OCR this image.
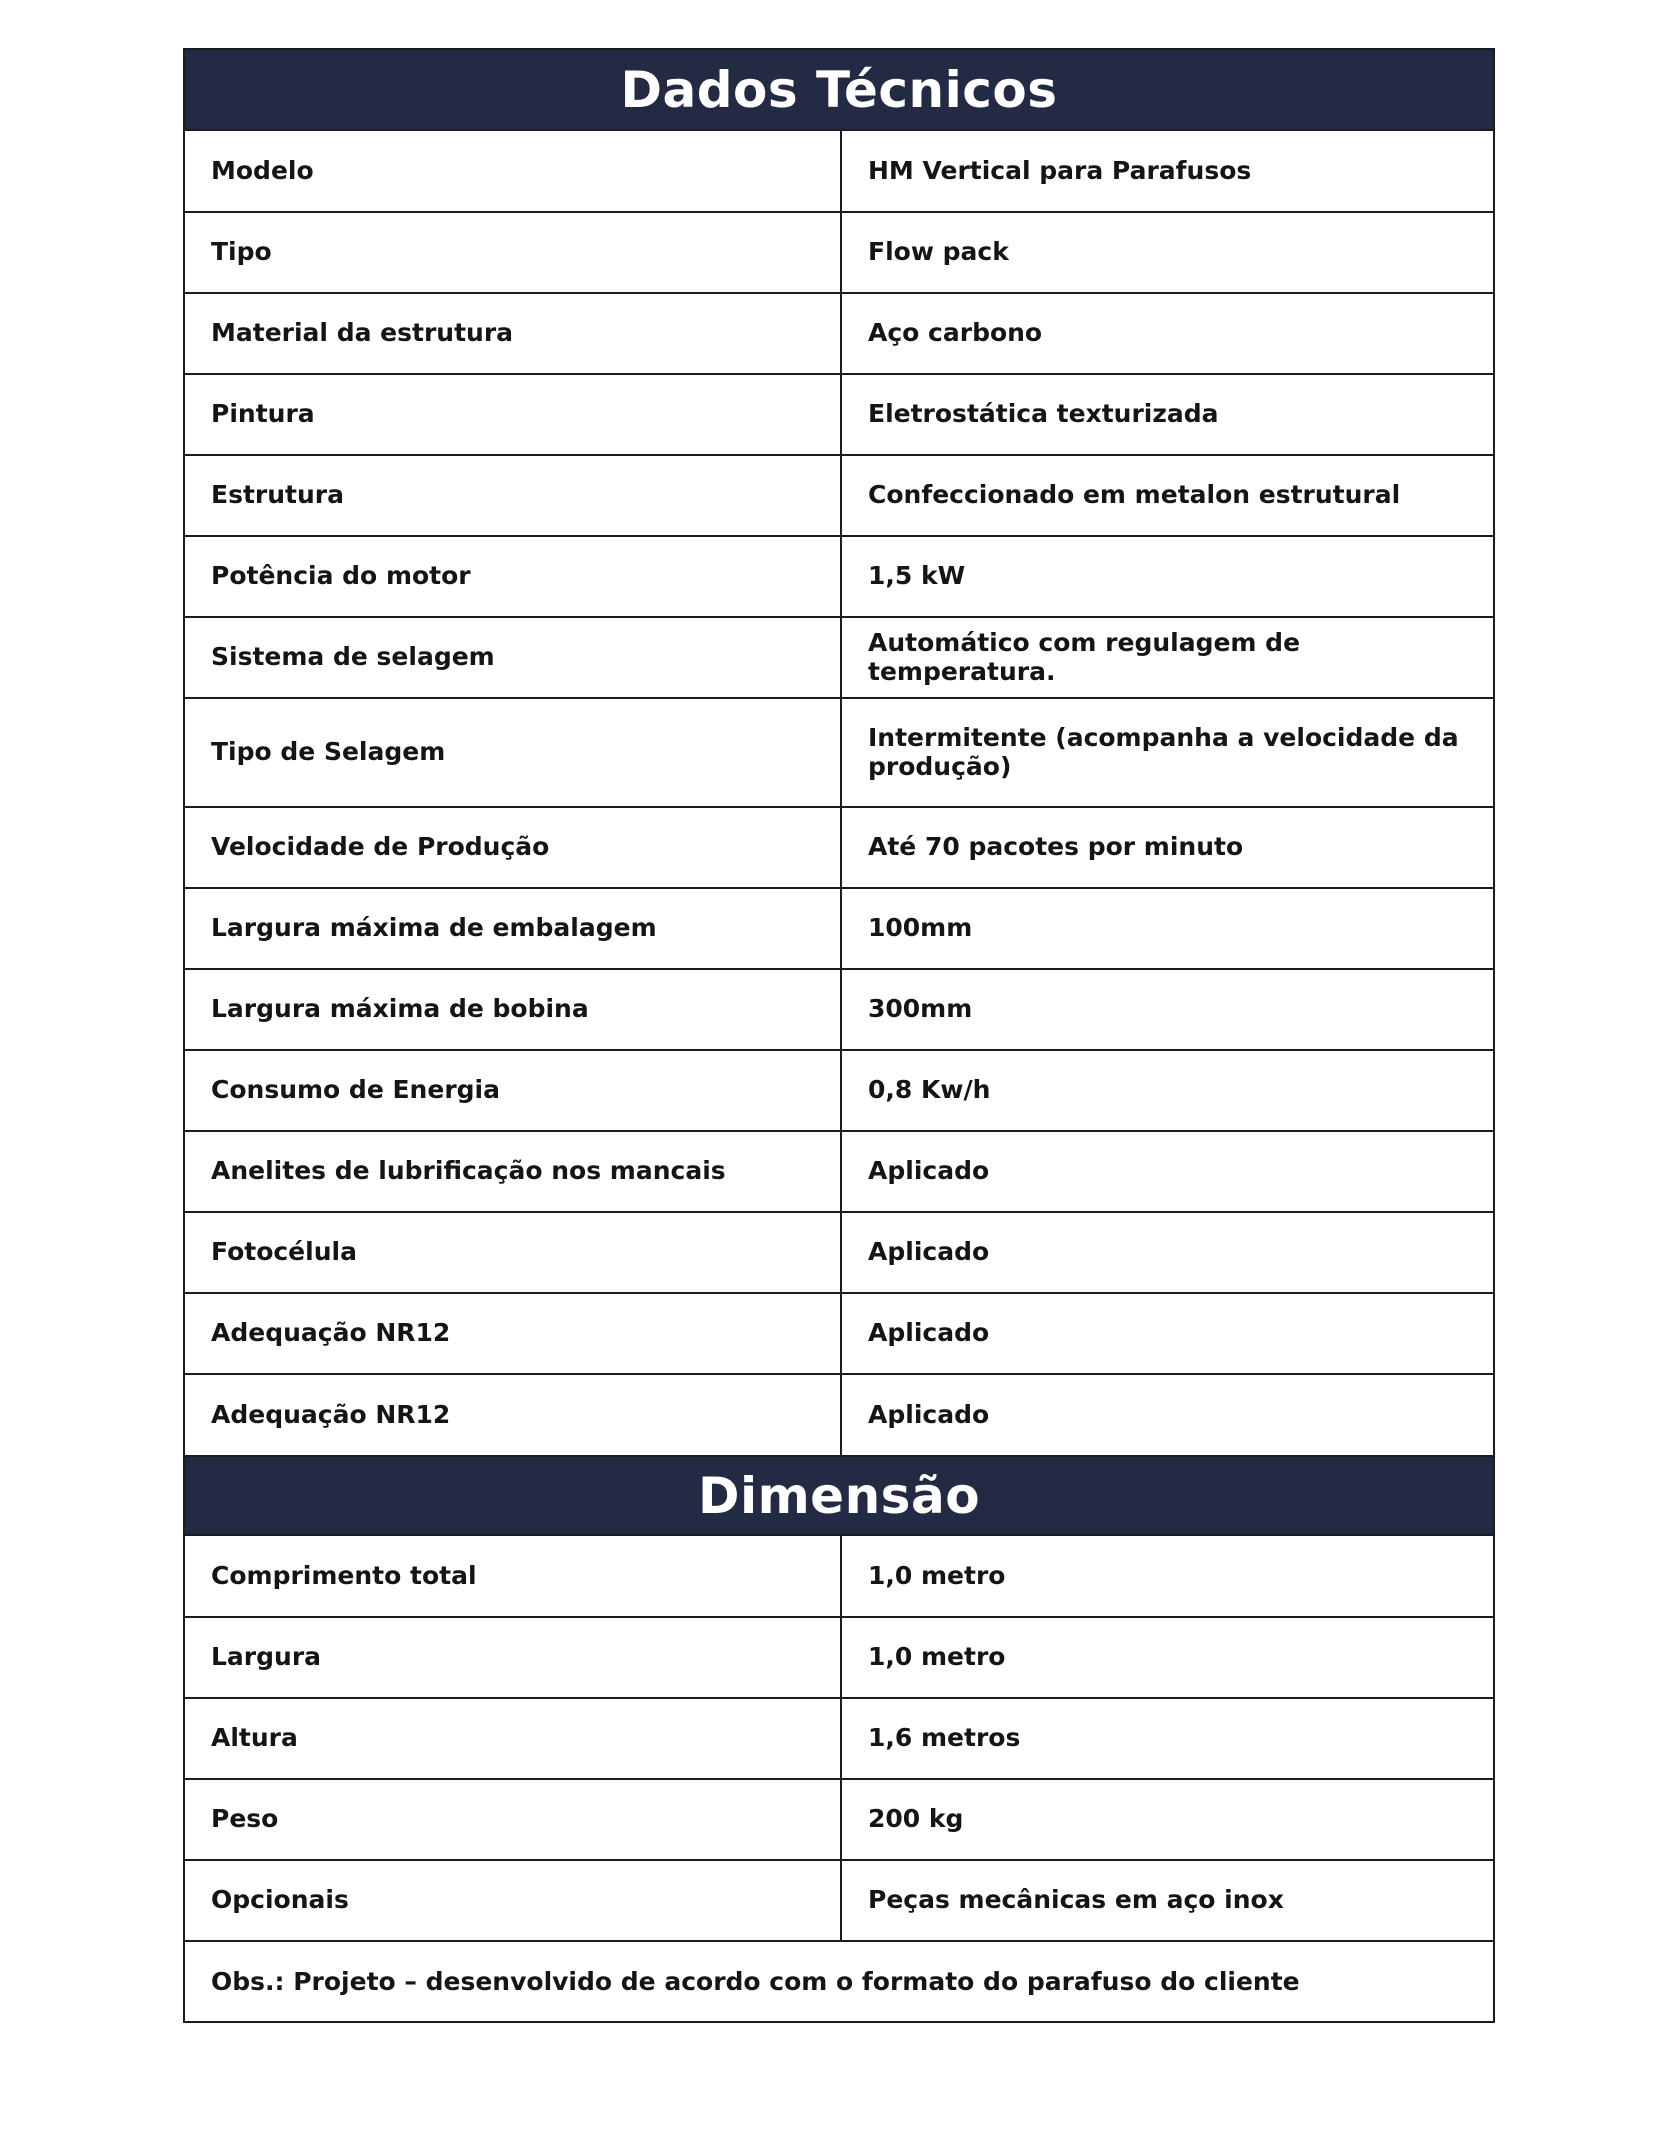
Dados Técnicos
Modelo	HM Vertical para Parafusos
Tipo	Flow pack
Material da estrutura	Aço carbono
Pintura	Eletrostática texturizada
Estrutura	Confeccionado em metalon estrutural
Potência do motor	1,5 kW
Sistema de selagem	Automático com regulagem de temperatura.
Tipo de Selagem	Intermitente (acompanha a velocidade da produção)
Velocidade de Produção	Até 70 pacotes por minuto
Largura máxima de embalagem	100mm
Largura máxima de bobina	300mm
Consumo de Energia	0,8 Kw/h
Anelites de lubrificação nos mancais	Aplicado
Fotocélula	Aplicado
Adequação NR12	Aplicado
Adequação NR12	Aplicado
Dimensão
Comprimento total	1,0 metro
Largura	1,0 metro
Altura	1,6 metros
Peso	200 kg
Opcionais	Peças mecânicas em aço inox
Obs.: Projeto – desenvolvido de acordo com o formato do parafuso do cliente
